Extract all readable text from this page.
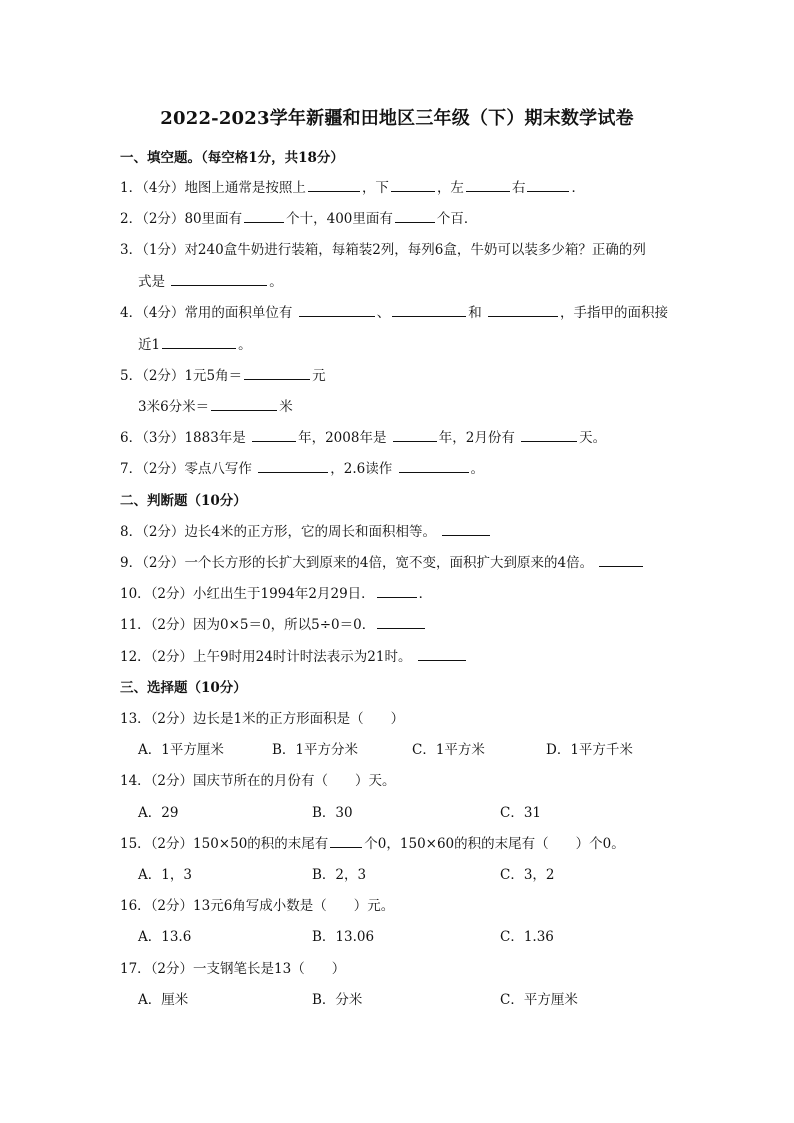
2022-2023学年新疆和田地区三年级（下）期末数学试卷
一、填空题。（每空格1分，共18分）
1．（4分）地图上通常是按照上	，下	，左	右	．
2．（2分）80里面有	个十，400里面有	个百．
3．（1分）对240盒牛奶进行装箱，每箱装2列，每列6盒，牛奶可以装多少箱？正确的列
式是	。
4．（4分）常用的面积单位有	、	和	，手指甲的面积接
近1	。
5．（2分）1元5角＝	元
3米6分米＝	米
6．（3分）1883年是	年，2008年是	年，2月份有	天。
7．（2分）零点八写作	，2.6读作	。
二、判断题（10分）
8．（2分）边长4米的正方形，它的周长和面积相等。
9．（2分）一个长方形的长扩大到原来的4倍，宽不变，面积扩大到原来的4倍。
10．（2分）小红出生于1994年2月29日．	．
11．（2分）因为0×5＝0，所以5÷0＝0．
12．（2分）上午9时用24时计时法表示为21时。
三、选择题（10分）
13．（2分）边长是1米的正方形面积是（　　）
A．1平方厘米	B．1平方分米	C．1平方米	D．1平方千米
14．（2分）国庆节所在的月份有（　　）天。
A．29	B．30	C．31
15．（2分）150×50的积的末尾有	个0，150×60的积的末尾有（　　）个0。
A．1，3	B．2，3	C．3，2
16．（2分）13元6角写成小数是（　　）元。
A．13.6	B．13.06	C．1.36
17．（2分）一支钢笔长是13（　　）
A．厘米	B．分米	C．平方厘米
